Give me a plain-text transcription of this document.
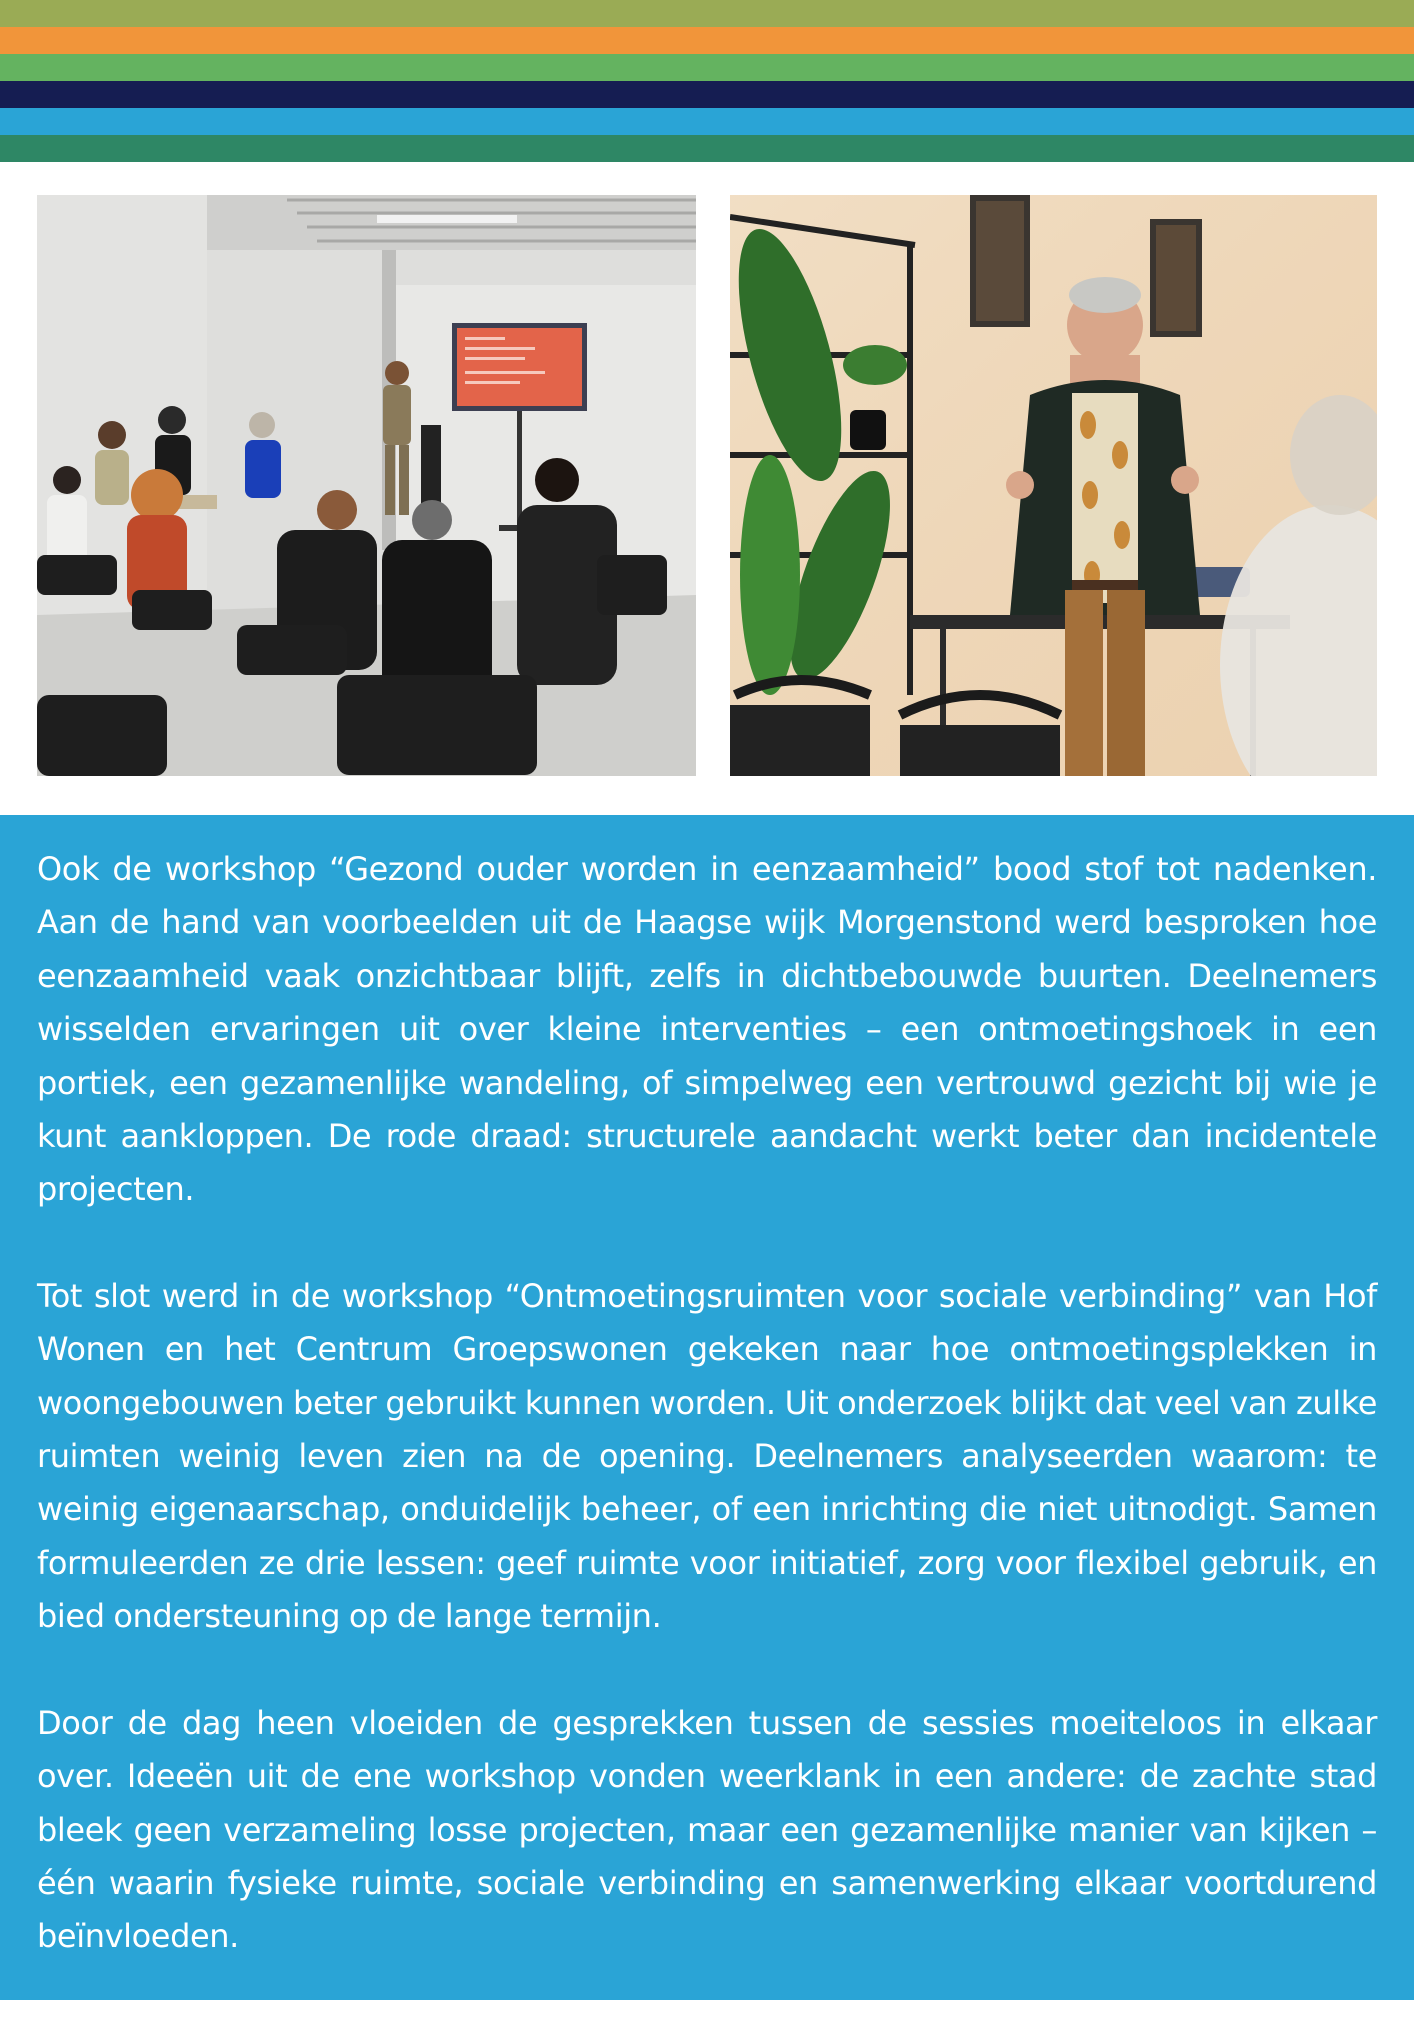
Ook de workshop “Gezond ouder worden in eenzaamheid” bood stof tot nadenken. Aan de hand van voorbeelden uit de Haagse wijk Morgenstond werd besproken hoe eenzaamheid vaak onzichtbaar blijft, zelfs in dichtbebouwde buurten. Deelnemers wisselden ervaringen uit over kleine interventies – een ontmoetingshoek in een portiek, een gezamenlijke wandeling, of simpelweg een vertrouwd gezicht bij wie je kunt aankloppen. De rode draad: structurele aandacht werkt beter dan incidentele projecten.

Tot slot werd in de workshop “Ontmoetingsruimten voor sociale verbinding” van Hof Wonen en het Centrum Groepswonen gekeken naar hoe ontmoetingsplekken in woongebouwen beter gebruikt kunnen worden. Uit onderzoek blijkt dat veel van zulke ruimten weinig leven zien na de opening. Deelnemers analyseerden waarom: te weinig eigenaarschap, onduidelijk beheer, of een inrichting die niet uitnodigt. Samen formuleerden ze drie lessen: geef ruimte voor initiatief, zorg voor flexibel gebruik, en bied ondersteuning op de lange termijn.

Door de dag heen vloeiden de gesprekken tussen de sessies moeiteloos in elkaar over. Ideeën uit de ene workshop vonden weerklank in een andere: de zachte stad bleek geen verzameling losse projecten, maar een gezamenlijke manier van kijken – één waarin fysieke ruimte, sociale verbinding en samenwerking elkaar voortdurend beïnvloeden.
